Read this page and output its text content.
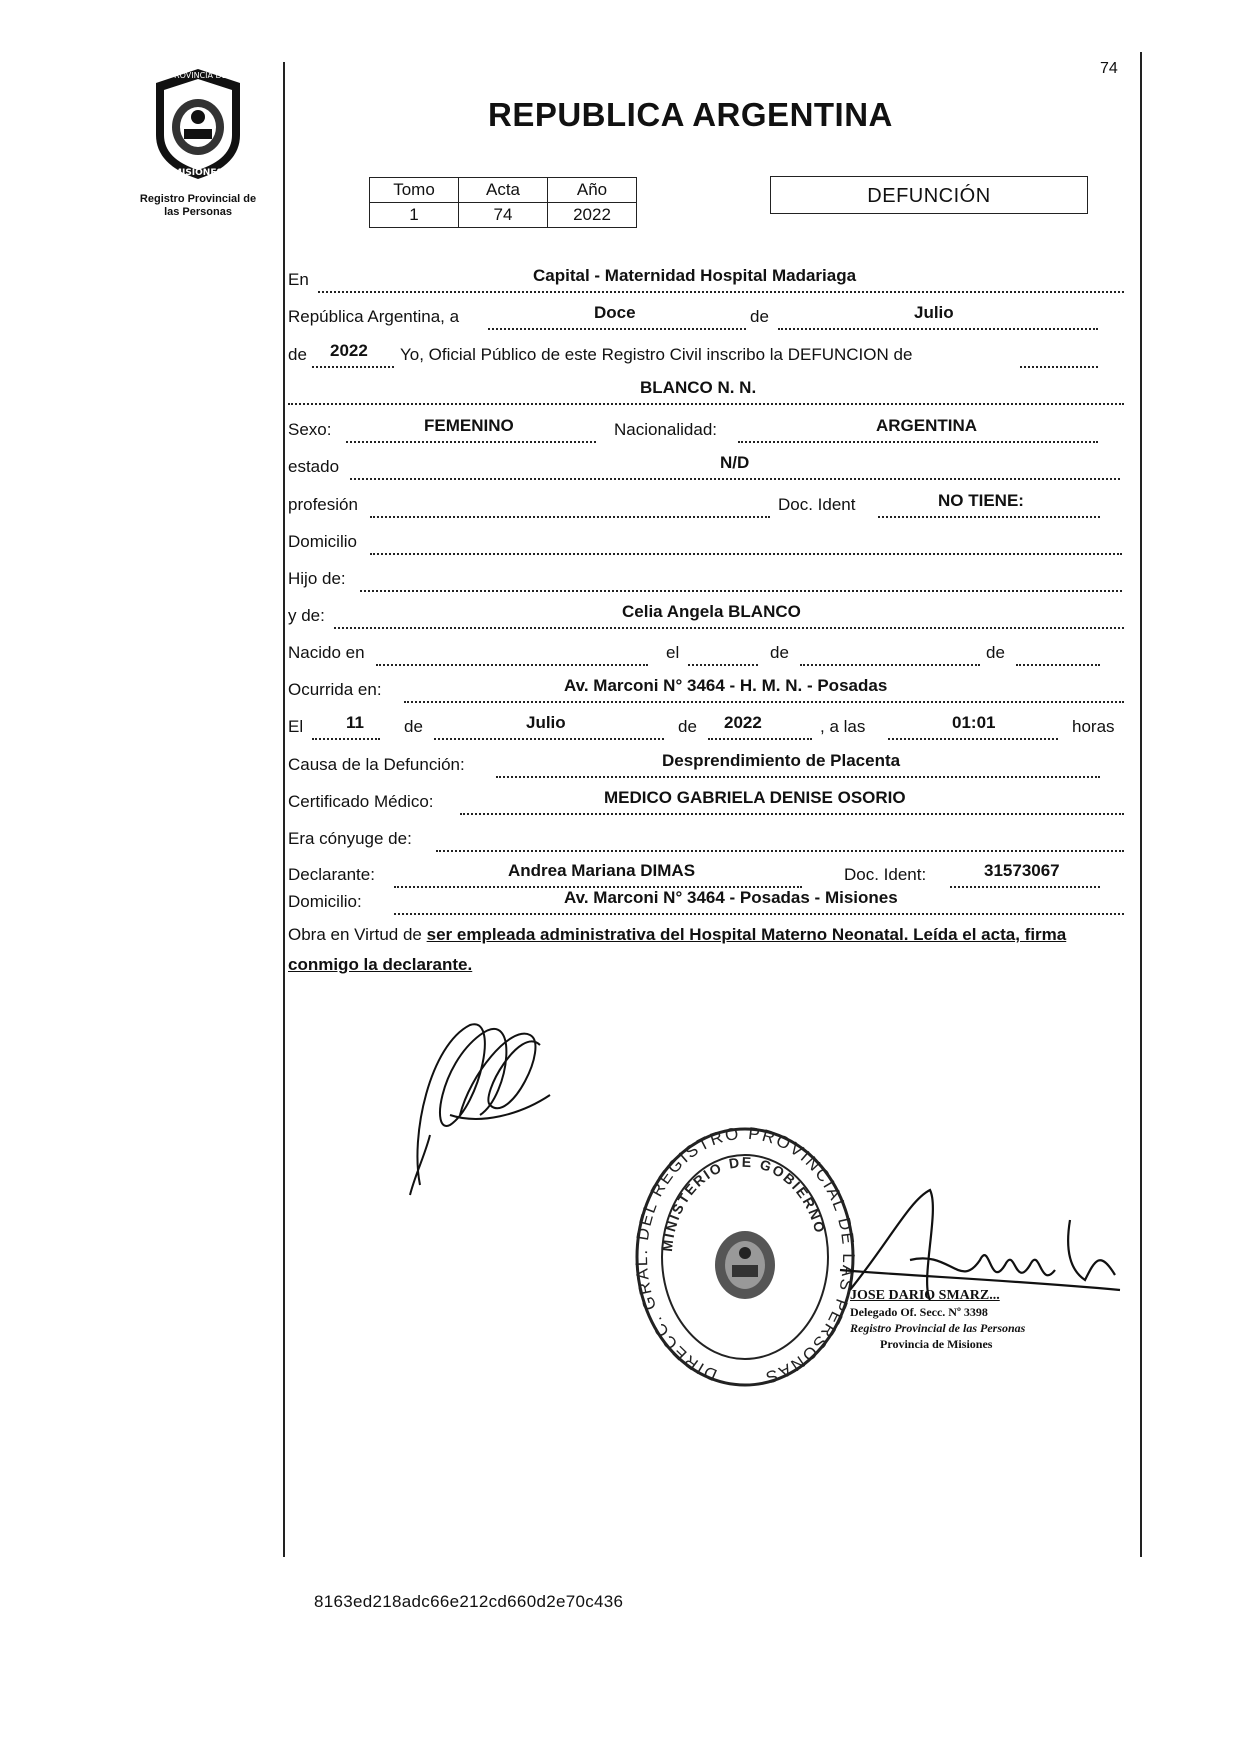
PROVINCIA DE
MISIONES
Registro Provincial de
las Personas
74
REPUBLICA ARGENTINA
Tomo	Acta	Año
1	74	2022
DEFUNCIÓN
En	Capital - Maternidad Hospital Madariaga
República Argentina, a	Doce	de	Julio
de 2022 Yo, Oficial Público de este Registro Civil inscribo la DEFUNCION de
BLANCO N. N.
Sexo:	FEMENINO	Nacionalidad:	ARGENTINA
estado	N/D
profesión	Doc. Ident	NO TIENE:
Domicilio
Hijo de:
y de:	Celia Angela BLANCO
Nacido en	el	de	de
Ocurrida en:	Av. Marconi N° 3464 - H. M. N. - Posadas
El	11 de	Julio	de 2022	, a las	01:01	horas
Causa de la Defunción:	Desprendimiento de Placenta
Certificado Médico:	MEDICO GABRIELA DENISE OSORIO
Era cónyuge de:
Declarante:	Andrea Mariana DIMAS	Doc. Ident:	31573067
Domicilio:	Av. Marconi N° 3464 - Posadas - Misiones
Obra en Virtud de ser empleada administrativa del Hospital Materno Neonatal. Leída el acta, firma conmigo la declarante.
DIRECC. GRAL. DEL REGISTRO PROVINCIAL DE LAS PERSONAS
MINISTERIO DE GOBIERNO
JOSE DARIO SMARZ...
Delegado Of. Secc. Nº 3398
Registro Provincial de las Personas
Provincia de Misiones
8163ed218adc66e212cd660d2e70c436
